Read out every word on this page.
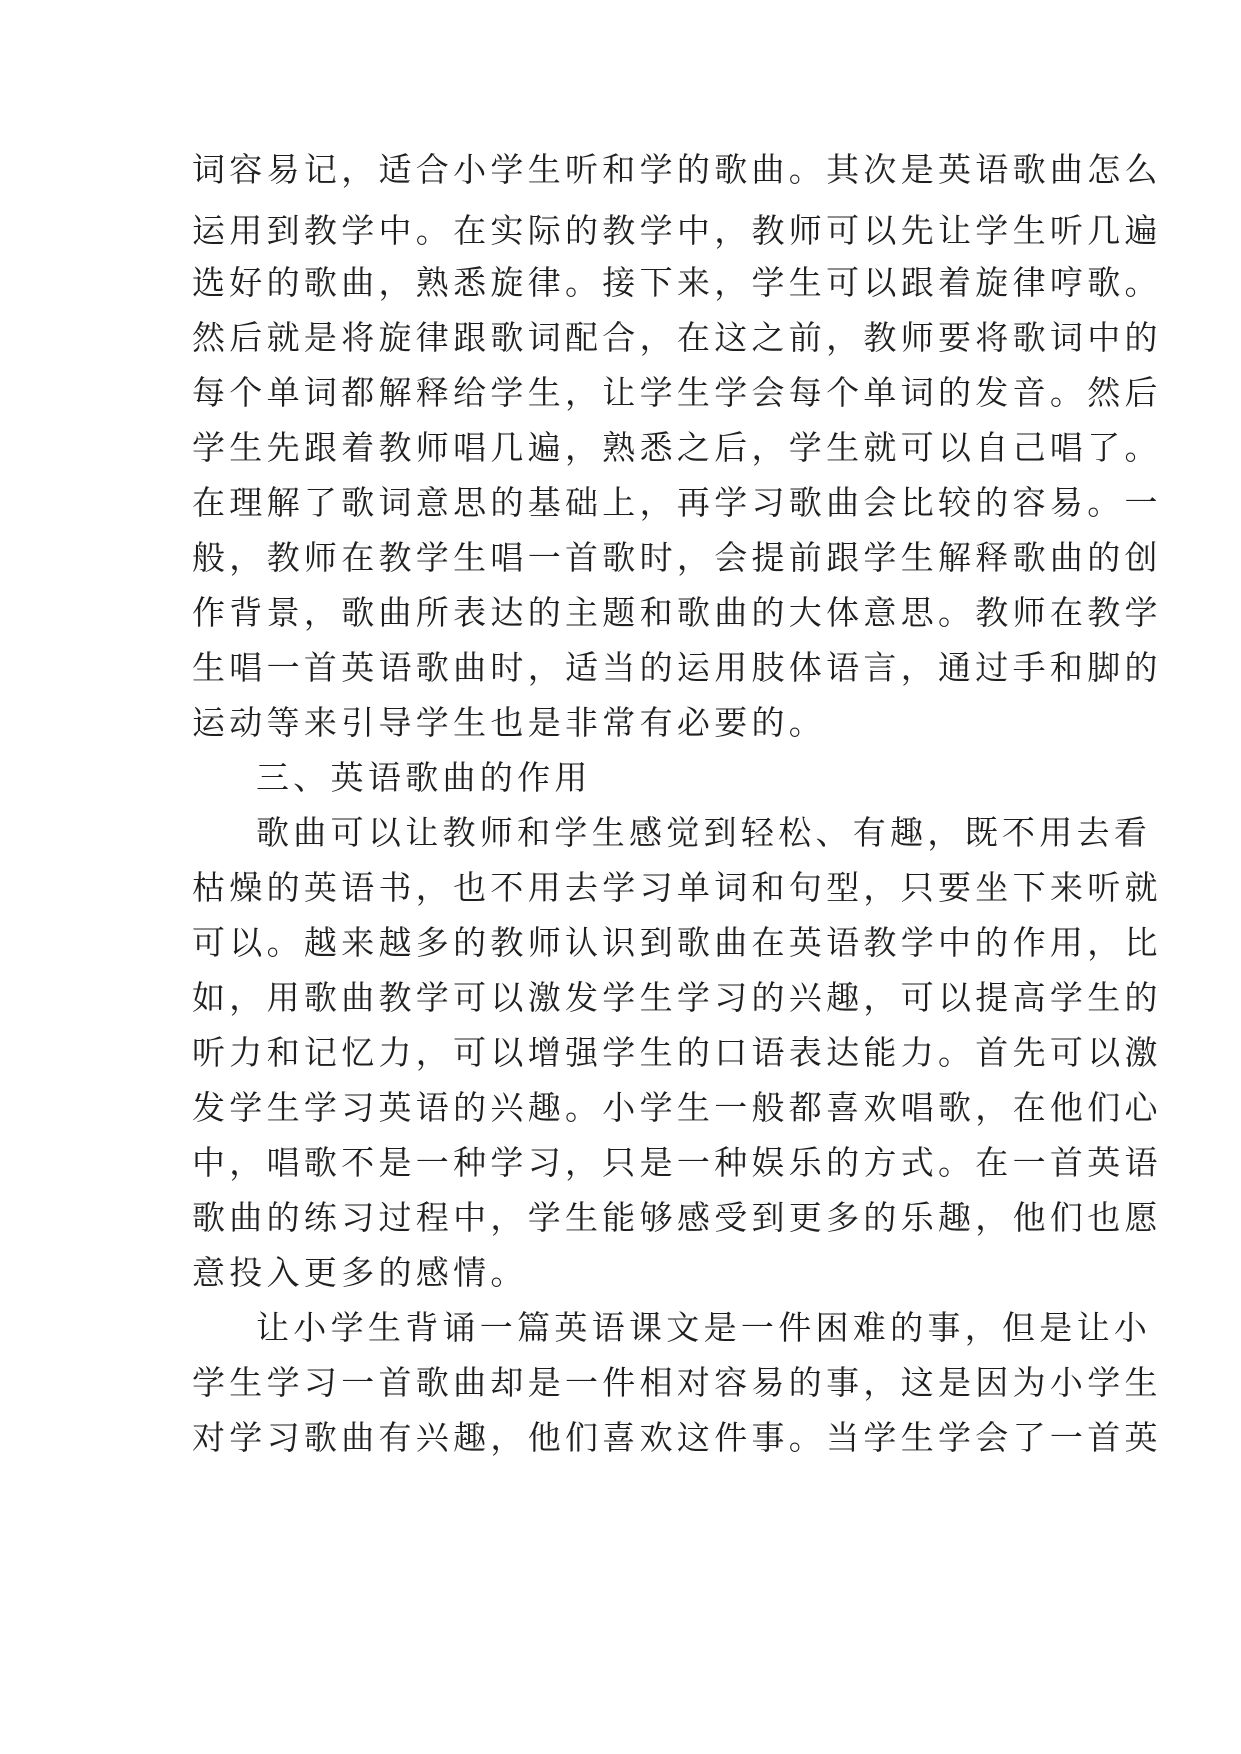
词容易记，适合小学生听和学的歌曲。其次是英语歌曲怎么
运用到教学中。在实际的教学中，教师可以先让学生听几遍
选好的歌曲，熟悉旋律。接下来，学生可以跟着旋律哼歌。
然后就是将旋律跟歌词配合，在这之前，教师要将歌词中的
每个单词都解释给学生，让学生学会每个单词的发音。然后
学生先跟着教师唱几遍，熟悉之后，学生就可以自己唱了。
在理解了歌词意思的基础上，再学习歌曲会比较的容易。一
般，教师在教学生唱一首歌时，会提前跟学生解释歌曲的创
作背景，歌曲所表达的主题和歌曲的大体意思。教师在教学
生唱一首英语歌曲时，适当的运用肢体语言，通过手和脚的
运动等来引导学生也是非常有必要的。
三、英语歌曲的作用
歌曲可以让教师和学生感觉到轻松、有趣，既不用去看
枯燥的英语书，也不用去学习单词和句型，只要坐下来听就
可以。越来越多的教师认识到歌曲在英语教学中的作用，比
如，用歌曲教学可以激发学生学习的兴趣，可以提高学生的
听力和记忆力，可以增强学生的口语表达能力。首先可以激
发学生学习英语的兴趣。小学生一般都喜欢唱歌，在他们心
中，唱歌不是一种学习，只是一种娱乐的方式。在一首英语
歌曲的练习过程中，学生能够感受到更多的乐趣，他们也愿
意投入更多的感情。
让小学生背诵一篇英语课文是一件困难的事，但是让小
学生学习一首歌曲却是一件相对容易的事，这是因为小学生
对学习歌曲有兴趣，他们喜欢这件事。当学生学会了一首英
